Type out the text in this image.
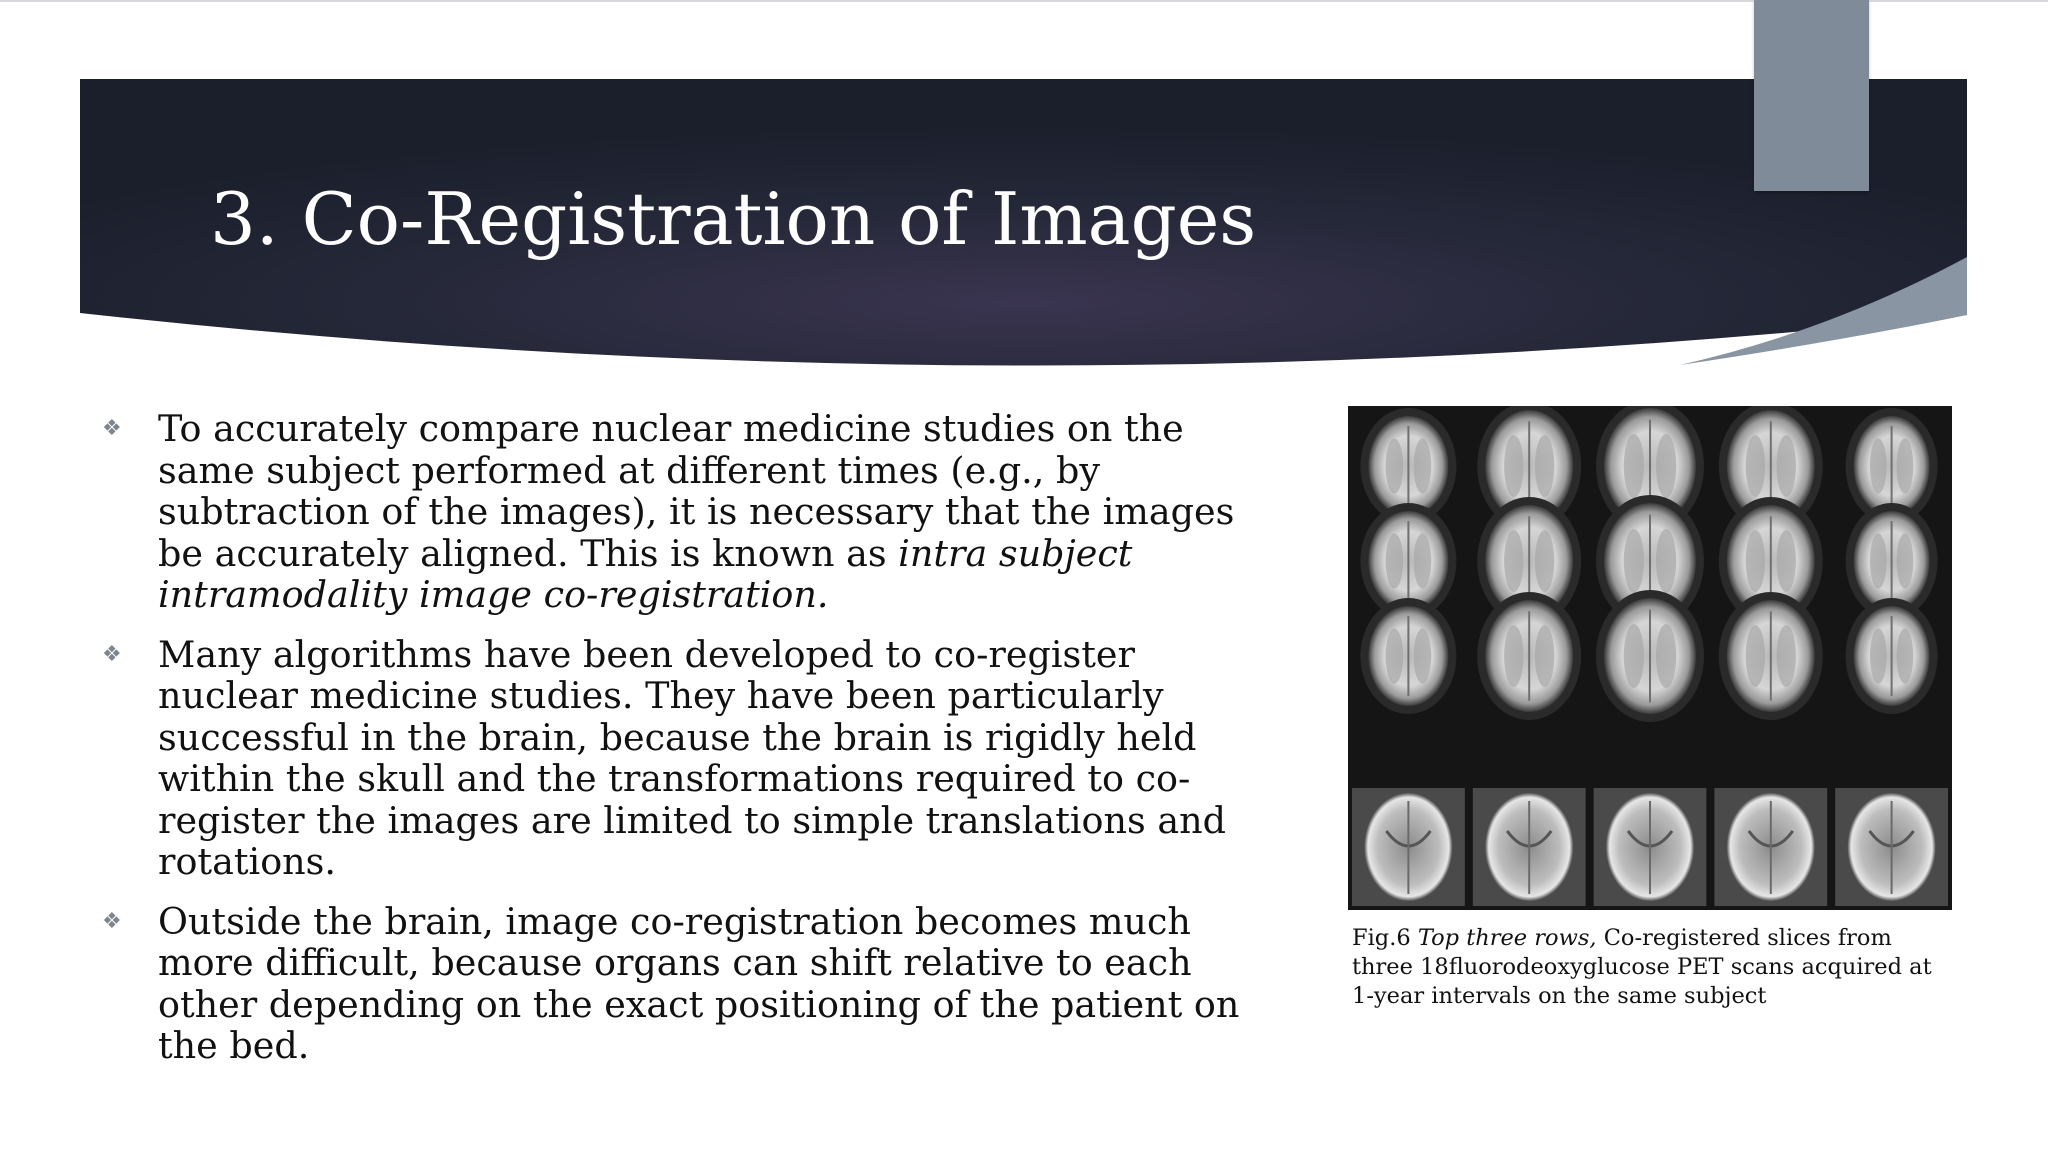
3. Co-Registration of Images
❖ To accurately compare nuclear medicine studies on the same subject performed at different times (e.g., by subtraction of the images), it is necessary that the images be accurately aligned. This is known as intra subject intramodality image co-registration.
❖ Many algorithms have been developed to co-register nuclear medicine studies. They have been particularly successful in the brain, because the brain is rigidly held within the skull and the transformations required to co-register the images are limited to simple translations and rotations.
❖ Outside the brain, image co-registration becomes much more difficult, because organs can shift relative to each other depending on the exact positioning of the patient on the bed.

Fig.6 Top three rows, Co-registered slices from three 18fluorodeoxyglucose PET scans acquired at 1-year intervals on the same subject
